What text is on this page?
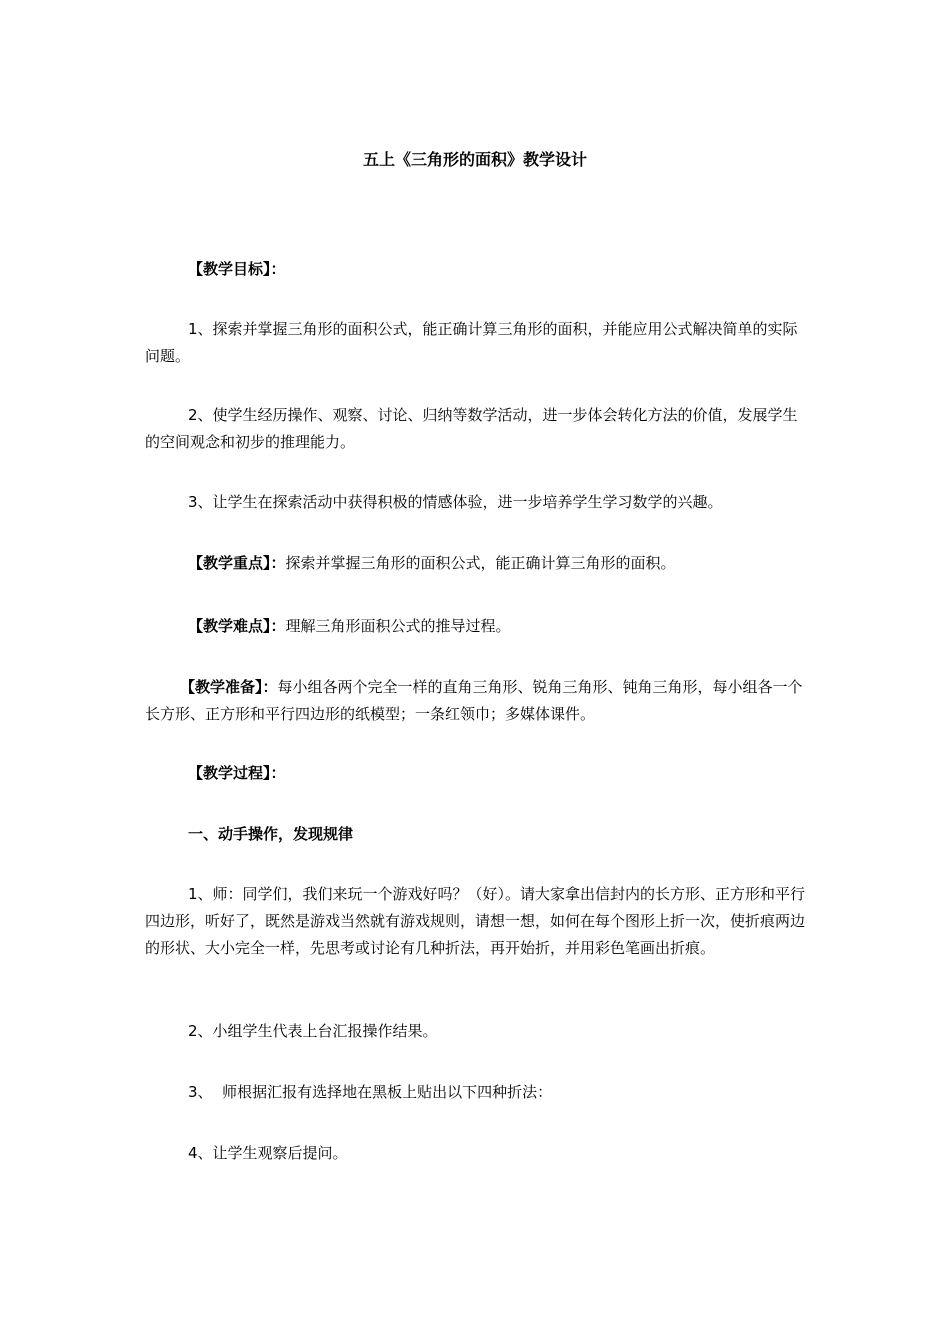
五上《三角形的面积》教学设计

【教学目标】：

1、探索并掌握三角形的面积公式，能正确计算三角形的面积，并能应用公式解决简单的实际问题。

2、使学生经历操作、观察、讨论、归纳等数学活动，进一步体会转化方法的价值，发展学生的空间观念和初步的推理能力。

3、让学生在探索活动中获得积极的情感体验，进一步培养学生学习数学的兴趣。

【教学重点】：探索并掌握三角形的面积公式，能正确计算三角形的面积。

【教学难点】：理解三角形面积公式的推导过程。

【教学准备】：每小组各两个完全一样的直角三角形、锐角三角形、钝角三角形，每小组各一个长方形、正方形和平行四边形的纸模型；一条红领巾；多媒体课件。

【教学过程】：

一、动手操作，发现规律

1、师：同学们，我们来玩一个游戏好吗？（好）。请大家拿出信封内的长方形、正方形和平行四边形，听好了，既然是游戏当然就有游戏规则，请想一想，如何在每个图形上折一次，使折痕两边的形状、大小完全一样，先思考或讨论有几种折法，再开始折，并用彩色笔画出折痕。

2、小组学生代表上台汇报操作结果。

3、  师根据汇报有选择地在黑板上贴出以下四种折法：

4、让学生观察后提问。
